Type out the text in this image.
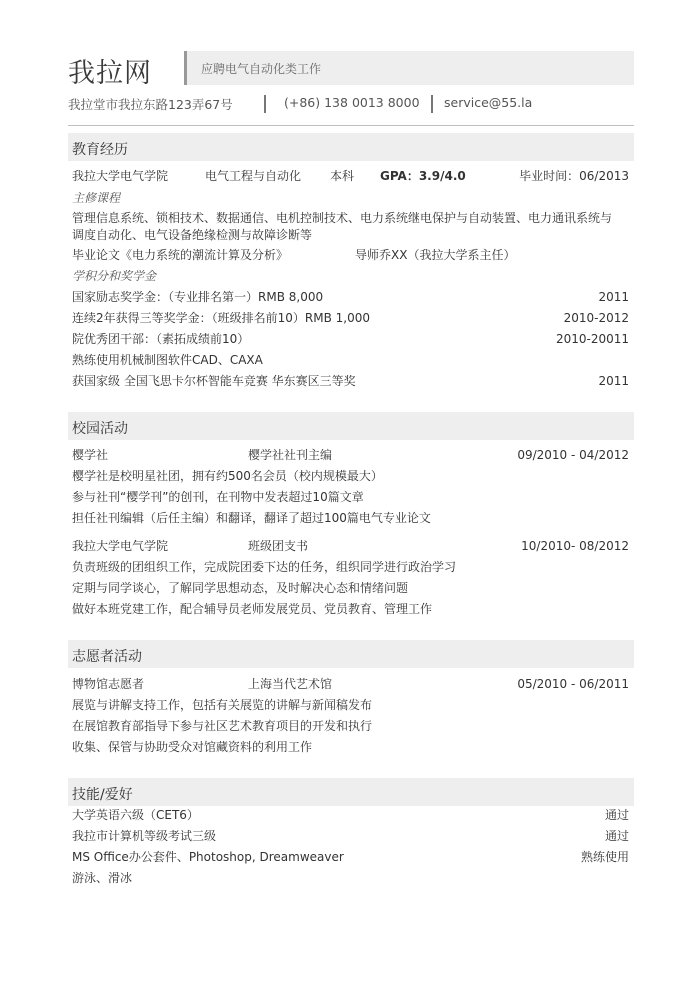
我拉网	应聘电气自动化类工作
我拉堂市我拉东路123弄67号	(+86) 138 0013 8000 service@55.la
教育经历
我拉大学电气学院	电气工程与自动化 本科 GPA：3.9/4.0	毕业时间：06/2013
主修课程
管理信息系统、锁相技术、数据通信、电机控制技术、电力系统继电保护与自动装置、电力通讯系统与
调度自动化、电气设备绝缘检测与故障诊断等
毕业论文《电力系统的潮流计算及分析》	导师乔XX（我拉大学系主任）
学积分和奖学金
国家励志奖学金：（专业排名第一）RMB 8,000	2011
连续2年获得三等奖学金：（班级排名前10）RMB 1,000	2010-2012
院优秀团干部：（素拓成绩前10）	2010-20011
熟练使用机械制图软件CAD、CAXA
获国家级 全国飞思卡尔杯智能车竞赛 华东赛区三等奖	2011
校园活动
樱学社	樱学社社刊主编	09/2010 - 04/2012
樱学社是校明星社团，拥有约500名会员（校内规模最大）
参与社刊“樱学刊”的创刊，在刊物中发表超过10篇文章
担任社刊编辑（后任主编）和翻译，翻译了超过100篇电气专业论文
我拉大学电气学院	班级团支书	10/2010- 08/2012
负责班级的团组织工作，完成院团委下达的任务，组织同学进行政治学习
定期与同学谈心，了解同学思想动态，及时解决心态和情绪问题
做好本班党建工作，配合辅导员老师发展党员、党员教育、管理工作
志愿者活动
博物馆志愿者	上海当代艺术馆	05/2010 - 06/2011
展览与讲解支持工作，包括有关展览的讲解与新闻稿发布
在展馆教育部指导下参与社区艺术教育项目的开发和执行
收集、保管与协助受众对馆藏资料的利用工作
技能/爱好
大学英语六级（CET6）	通过
我拉市计算机等级考试三级	通过
MS Office办公套件、Photoshop, Dreamweaver	熟练使用
游泳、滑冰
